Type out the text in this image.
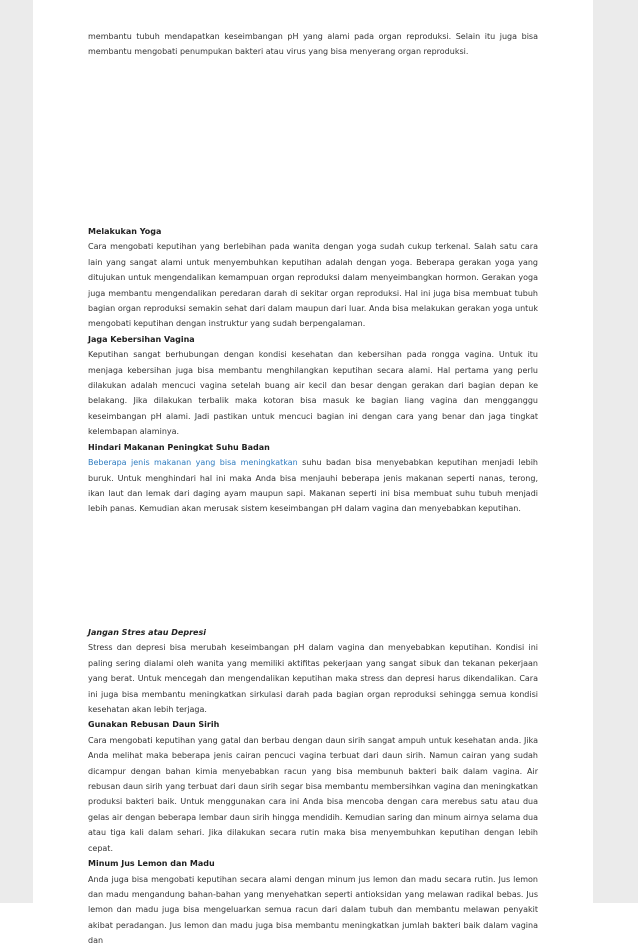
membantu tubuh mendapatkan keseimbangan pH yang alami pada organ reproduksi. Selain itu juga bisa membantu mengobati penumpukan bakteri atau virus yang bisa menyerang organ reproduksi.

Melakukan Yoga

Cara mengobati keputihan yang berlebihan pada wanita dengan yoga sudah cukup terkenal. Salah satu cara lain yang sangat alami untuk menyembuhkan keputihan adalah dengan yoga. Beberapa gerakan yoga yang ditujukan untuk mengendalikan kemampuan organ reproduksi dalam menyeimbangkan hormon. Gerakan yoga juga membantu mengendalikan peredaran darah di sekitar organ reproduksi. Hal ini juga bisa membuat tubuh bagian organ reproduksi semakin sehat dari dalam maupun dari luar. Anda bisa melakukan gerakan yoga untuk mengobati keputihan dengan instruktur yang sudah berpengalaman.

Jaga Kebersihan Vagina

Keputihan sangat berhubungan dengan kondisi kesehatan dan kebersihan pada rongga vagina. Untuk itu menjaga kebersihan juga bisa membantu menghilangkan keputihan secara alami. Hal pertama yang perlu dilakukan adalah mencuci vagina setelah buang air kecil dan besar dengan gerakan dari bagian depan ke belakang. Jika dilakukan terbalik maka kotoran bisa masuk ke bagian liang vagina dan mengganggu keseimbangan pH alami. Jadi pastikan untuk mencuci bagian ini dengan cara yang benar dan jaga tingkat kelembapan alaminya.

Hindari Makanan Peningkat Suhu Badan

Beberapa jenis makanan yang bisa meningkatkan suhu badan bisa menyebabkan keputihan menjadi lebih buruk. Untuk menghindari hal ini maka Anda bisa menjauhi beberapa jenis makanan seperti nanas, terong, ikan laut dan lemak dari daging ayam maupun sapi. Makanan seperti ini bisa membuat suhu tubuh menjadi lebih panas. Kemudian akan merusak sistem keseimbangan pH dalam vagina dan menyebabkan keputihan.

Jangan Stres atau Depresi

Stress dan depresi bisa merubah keseimbangan pH dalam vagina dan menyebabkan keputihan. Kondisi ini paling sering dialami oleh wanita yang memiliki aktifitas pekerjaan yang sangat sibuk dan tekanan pekerjaan yang berat. Untuk mencegah dan mengendalikan keputihan maka stress dan depresi harus dikendalikan. Cara ini juga bisa membantu meningkatkan sirkulasi darah pada bagian organ reproduksi sehingga semua kondisi kesehatan akan lebih terjaga.

Gunakan Rebusan Daun Sirih

Cara mengobati keputihan yang gatal dan berbau dengan daun sirih sangat ampuh untuk kesehatan anda. Jika Anda melihat maka beberapa jenis cairan pencuci vagina terbuat dari daun sirih. Namun cairan yang sudah dicampur dengan bahan kimia menyebabkan racun yang bisa membunuh bakteri baik dalam vagina. Air rebusan daun sirih yang terbuat dari daun sirih segar bisa membantu membersihkan vagina dan meningkatkan produksi bakteri baik. Untuk menggunakan cara ini Anda bisa mencoba dengan cara merebus satu atau dua gelas air dengan beberapa lembar daun sirih hingga mendidih. Kemudian saring dan minum airnya selama dua atau tiga kali dalam sehari. Jika dilakukan secara rutin maka bisa menyembuhkan keputihan dengan lebih cepat.

Minum Jus Lemon dan Madu

Anda juga bisa mengobati keputihan secara alami dengan minum jus lemon dan madu secara rutin. Jus lemon dan madu mengandung bahan-bahan yang menyehatkan seperti antioksidan yang melawan radikal bebas. Jus lemon dan madu juga bisa mengeluarkan semua racun dari dalam tubuh dan membantu melawan penyakit akibat peradangan. Jus lemon dan madu juga bisa membantu meningkatkan jumlah bakteri baik dalam vagina dan
